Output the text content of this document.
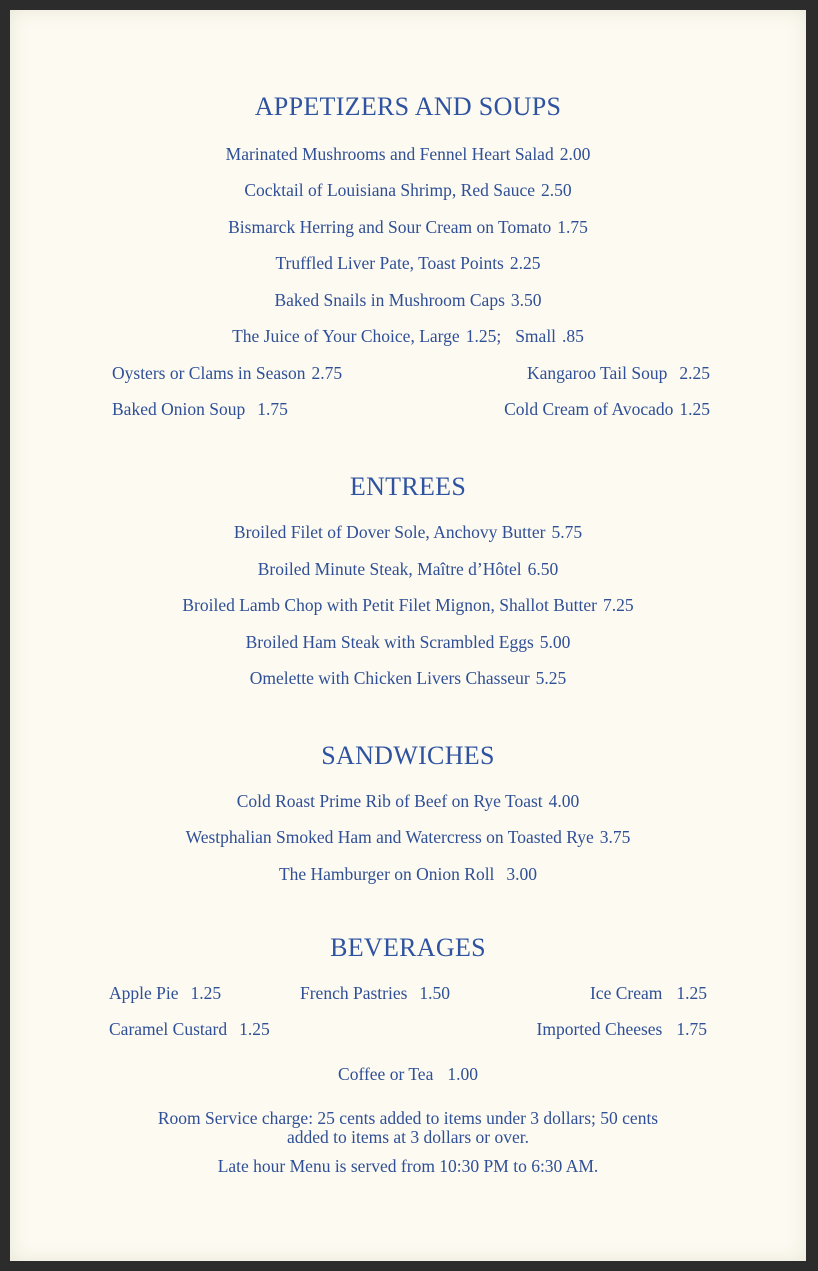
APPETIZERS AND SOUPS

Marinated Mushrooms and Fennel Heart Salad 2.00

Cocktail of Louisiana Shrimp, Red Sauce 2.50

Bismarck Herring and Sour Cream on Tomato 1.75

Truffled Liver Pate, Toast Points 2.25

Baked Snails in Mushroom Caps 3.50

The Juice of Your Choice, Large 1.25; Small .85

Oysters or Clams in Season 2.75	Kangaroo Tail Soup 2.25

Baked Onion Soup 1.75	Cold Cream of Avocado 1.25

ENTREES

Broiled Filet of Dover Sole, Anchovy Butter 5.75

Broiled Minute Steak, Maître d’Hôtel 6.50

Broiled Lamb Chop with Petit Filet Mignon, Shallot Butter 7.25

Broiled Ham Steak with Scrambled Eggs 5.00

Omelette with Chicken Livers Chasseur 5.25

SANDWICHES

Cold Roast Prime Rib of Beef on Rye Toast 4.00

Westphalian Smoked Ham and Watercress on Toasted Rye 3.75

The Hamburger on Onion Roll 3.00

BEVERAGES

Apple Pie 1.25	French Pastries 1.50	Ice Cream 1.25

Caramel Custard 1.25	Imported Cheeses 1.75

Coffee or Tea 1.00

Room Service charge: 25 cents added to items under 3 dollars; 50 cents
added to items at 3 dollars or over.

Late hour Menu is served from 10:30 PM to 6:30 AM.
